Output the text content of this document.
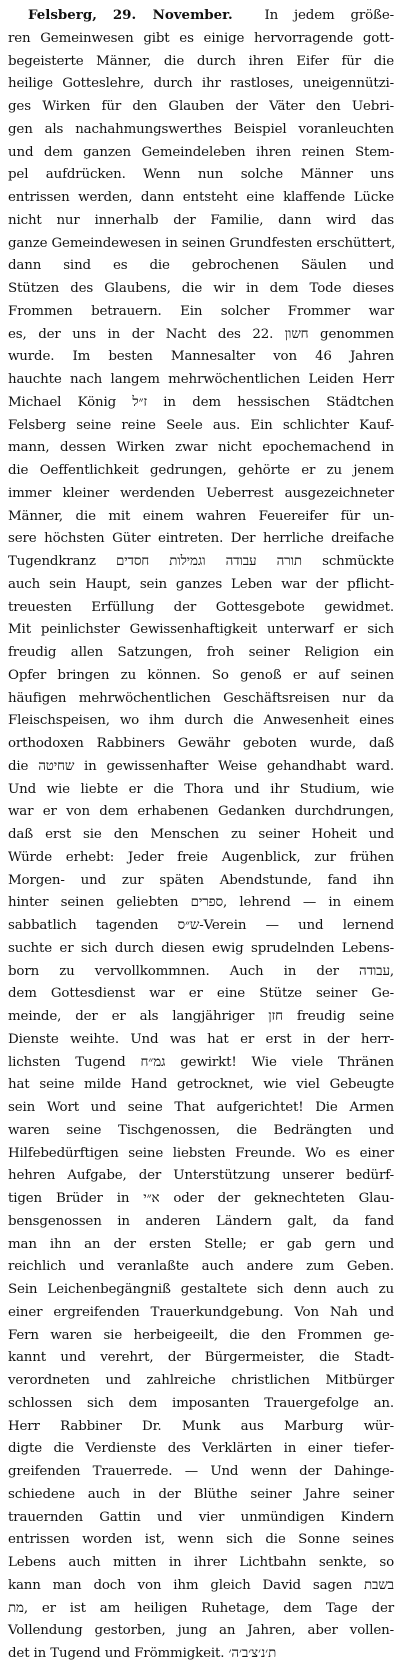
Felsberg, 29. November. In jedem größe-
ren Gemeinwesen gibt es einige hervorragende gott-
begeisterte Männer, die durch ihren Eifer für die
heilige Gotteslehre, durch ihr rastloses, uneigennützi-
ges Wirken für den Glauben der Väter den Uebri-
gen als nachahmungswerthes Beispiel voranleuchten
und dem ganzen Gemeindeleben ihren reinen Stem-
pel aufdrücken. Wenn nun solche Männer uns
entrissen werden, dann entsteht eine klaffende Lücke
nicht nur innerhalb der Familie, dann wird das
ganze Gemeindewesen in seinen Grundfesten erschüttert,
dann sind es die gebrochenen Säulen und
Stützen des Glaubens, die wir in dem Tode dieses
Frommen betrauern. Ein solcher Frommer war
es, der uns in der Nacht des 22. חשון genommen
wurde. Im besten Mannesalter von 46 Jahren
hauchte nach langem mehrwöchentlichen Leiden Herr
Michael König ז״ל in dem hessischen Städtchen
Felsberg seine reine Seele aus. Ein schlichter Kauf-
mann, dessen Wirken zwar nicht epochemachend in
die Oeffentlichkeit gedrungen, gehörte er zu jenem
immer kleiner werdenden Ueberrest ausgezeichneter
Männer, die mit einem wahren Feuereifer für un-
sere höchsten Güter eintreten. Der herrliche dreifache
Tugendkranz תורה עבודה וגמילות חסדים schmückte
auch sein Haupt, sein ganzes Leben war der pflicht-
treuesten Erfüllung der Gottesgebote gewidmet.
Mit peinlichster Gewissenhaftigkeit unterwarf er sich
freudig allen Satzungen, froh seiner Religion ein
Opfer bringen zu können. So genoß er auf seinen
häufigen mehrwöchentlichen Geschäftsreisen nur da
Fleischspeisen, wo ihm durch die Anwesenheit eines
orthodoxen Rabbiners Gewähr geboten wurde, daß
die שחיטה in gewissenhafter Weise gehandhabt ward.
Und wie liebte er die Thora und ihr Studium, wie
war er von dem erhabenen Gedanken durchdrungen,
daß erst sie den Menschen zu seiner Hoheit und
Würde erhebt: Jeder freie Augenblick, zur frühen
Morgen- und zur späten Abendstunde, fand ihn
hinter seinen geliebten ספרים, lehrend — in einem
sabbatlich tagenden ש״ס-Verein — und lernend
suchte er sich durch diesen ewig sprudelnden Lebens-
born zu vervollkommnen. Auch in der עבודה,
dem Gottesdienst war er eine Stütze seiner Ge-
meinde, der er als langjähriger חזן freudig seine
Dienste weihte. Und was hat er erst in der herr-
lichsten Tugend גמ״ח gewirkt! Wie viele Thränen
hat seine milde Hand getrocknet, wie viel Gebeugte
sein Wort und seine That aufgerichtet! Die Armen
waren seine Tischgenossen, die Bedrängten und
Hilfebedürftigen seine liebsten Freunde. Wo es einer
hehren Aufgabe, der Unterstützung unserer bedürf-
tigen Brüder in א״י oder der geknechteten Glau-
bensgenossen in anderen Ländern galt, da fand
man ihn an der ersten Stelle; er gab gern und
reichlich und veranlaßte auch andere zum Geben.
Sein Leichenbegängniß gestaltete sich denn auch zu
einer ergreifenden Trauerkundgebung. Von Nah und
Fern waren sie herbeigeeilt, die den Frommen ge-
kannt und verehrt, der Bürgermeister, die Stadt-
verordneten und zahlreiche christlichen Mitbürger
schlossen sich dem imposanten Trauergefolge an.
Herr Rabbiner Dr. Munk aus Marburg wür-
digte die Verdienste des Verklärten in einer tiefer-
greifenden Trauerrede. — Und wenn der Dahinge-
schiedene auch in der Blüthe seiner Jahre seiner
trauernden Gattin und vier unmündigen Kindern
entrissen worden ist, wenn sich die Sonne seines
Lebens auch mitten in ihrer Lichtbahn senkte, so
kann man doch von ihm gleich David sagen בשבת
מת, er ist am heiligen Ruhetage, dem Tage der
Vollendung gestorben, jung an Jahren, aber vollen-
det in Tugend und Frömmigkeit. ת׳נ׳צ׳ב׳ה׳
